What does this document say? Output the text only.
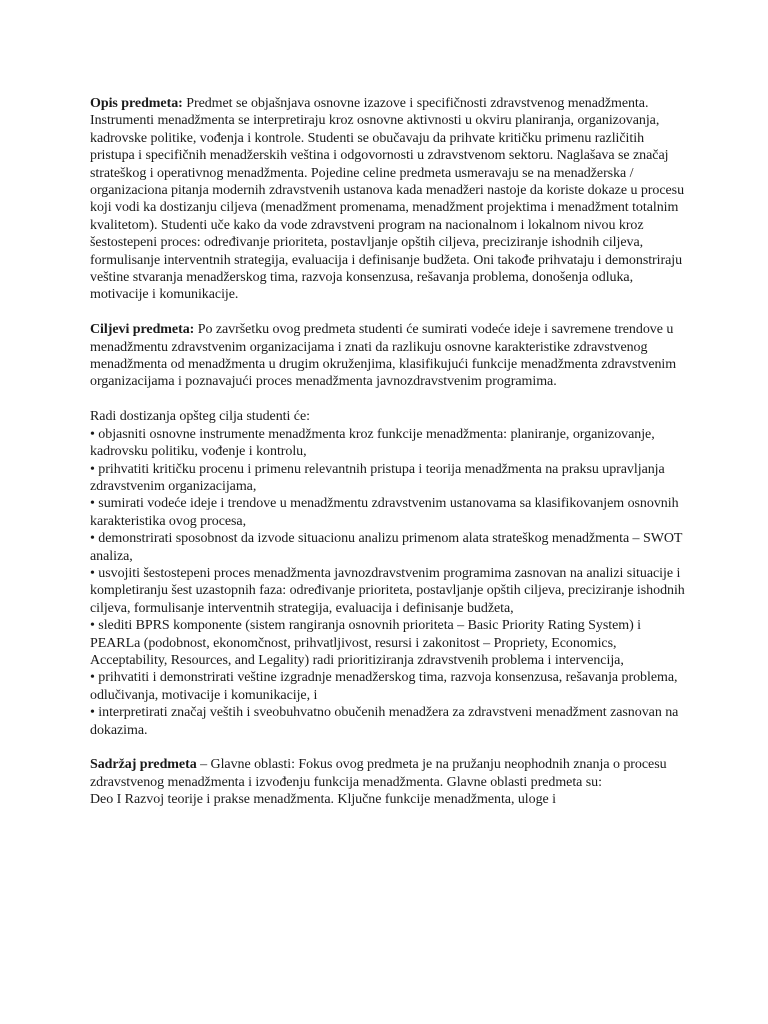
Opis predmeta: Predmet se objašnjava osnovne izazove i specifičnosti zdravstvenog menadžmenta. Instrumenti menadžmenta se interpretiraju kroz osnovne aktivnosti u okviru planiranja, organizovanja, kadrovske politike, vođenja i kontrole. Studenti se obučavaju da prihvate kritičku primenu različitih pristupa i specifičnih menadžerskih veština i odgovornosti u zdravstvenom sektoru. Naglašava se značaj strateškog i operativnog menadžmenta. Pojedine celine predmeta usmeravaju se na menadžerska / organizaciona pitanja modernih zdravstvenih ustanova kada menadžeri nastoje da koriste dokaze u procesu koji vodi ka dostizanju ciljeva (menadžment promenama, menadžment projektima i menadžment totalnim kvalitetom). Studenti uče kako da vode zdravstveni program na nacionalnom i lokalnom nivou kroz šestostepeni proces: određivanje prioriteta, postavljanje opštih ciljeva, preciziranje ishodnih ciljeva, formulisanje interventnih strategija, evaluacija i definisanje budžeta. Oni takođe prihvataju i demonstriraju veštine stvaranja menadžerskog tima, razvoja konsenzusa, rešavanja problema, donošenja odluka, motivacije i komunikacije.

Ciljevi predmeta: Po završetku ovog predmeta studenti će sumirati vodeće ideje i savremene trendove u menadžmentu zdravstvenim organizacijama i znati da razlikuju osnovne karakteristike zdravstvenog menadžmenta od menadžmenta u drugim okruženjima, klasifikujući funkcije menadžmenta zdravstvenim organizacijama i poznavajući proces menadžmenta javnozdravstvenim programima.

Radi dostizanja opšteg cilja studenti će:

• objasniti osnovne instrumente menadžmenta kroz funkcije menadžmenta: planiranje, organizovanje, kadrovsku politiku, vođenje i kontrolu,
• prihvatiti kritičku procenu i primenu relevantnih pristupa i teorija menadžmenta na praksu upravljanja zdravstvenim organizacijama,
• sumirati vodeće ideje i trendove u menadžmentu zdravstvenim ustanovama sa klasifikovanjem osnovnih karakteristika ovog procesa,
• demonstrirati sposobnost da izvode situacionu analizu primenom alata strateškog menadžmenta – SWOT analiza,
• usvojiti šestostepeni proces menadžmenta javnozdravstvenim programima zasnovan na analizi situacije i kompletiranju šest uzastopnih faza: određivanje prioriteta, postavljanje opštih ciljeva, preciziranje ishodnih ciljeva, formulisanje interventnih strategija, evaluacija i definisanje budžeta,
• slediti BPRS komponente (sistem rangiranja osnovnih prioriteta – Basic Priority Rating System) i PEARLa (podobnost, ekonomčnost, prihvatljivost, resursi i zakonitost – Propriety, Economics, Acceptability, Resources, and Legality) radi prioritiziranja zdravstvenih problema i intervencija,
• prihvatiti i demonstrirati veštine izgradnje menadžerskog tima, razvoja konsenzusa, rešavanja problema, odlučivanja, motivacije i komunikacije, i
• interpretirati značaj veštih i sveobuhvatno obučenih menadžera za zdravstveni menadžment zasnovan na dokazima.

Sadržaj predmeta – Glavne oblasti: Fokus ovog predmeta je na pružanju neophodnih znanja o procesu zdravstvenog menadžmenta i izvođenju funkcija menadžmenta. Glavne oblasti predmeta su:

Deo I Razvoj teorije i prakse menadžmenta. Ključne funkcije menadžmenta, uloge i
